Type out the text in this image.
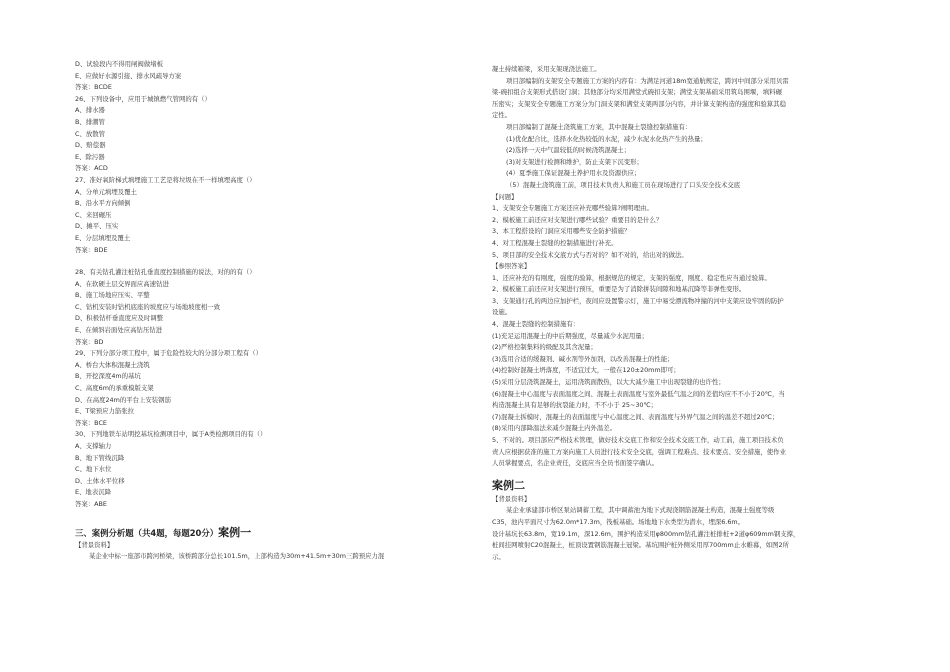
D、试验段内不得用闸阀做堵板
E、应做好水源引接、排水风疏导方案
答案：BCDE
26、下列设备中，应用于城镇燃气管网的有（）
A、排水器
B、排潮管
C、放散管
D、赔偿器
E、除污器
答案：ACD
27、准好氧阶梯式填埋施工工艺是将垃圾在不一样填埋高度（）
A、分单元填埋及覆土
B、沿水平方向倾倒
C、来回碾压
D、摊平、压实
E、分层填埋及覆土
答案：BDE
28、有关钻孔灌注桩钻孔垂直度控制措施的说法，对的的有（）
A、在软硬土层交界面应高速钻进
B、施工场地应压实、平整
C、钻机安装时钻机底座的坡度应与场地坡度相一致
D、积极钻杆垂直度应及时调整
E、在倾斜岩面处应高钻压钻进
答案：BD
29、下列分部分项工程中，属于危险性较大的分部分项工程有（）
A、桥台大体积混凝土浇筑
B、开挖深度4m的基坑
C、高度6m的承重模版支架
D、在高度24m的平台上安装钢筋
E、T梁预应力筋张拉
答案：BCE
30、下列地铁车站明挖基坑检测项目中，属于A类检测项目的有（）
A、支撑轴力
B、地下管线沉降
C、地下水位
D、土体水平位移
E、地表沉降
答案：ABE
三、案例分析题（共4题，每题20分）案例一
【背景资料】
某企业中标一座部市跨河桥梁，该桥跨部分总长101.5m，上部构造为30m+41.5m+30m三跨预应力混
凝土持续箱梁，采用支架现浇法施工。
项目部编制的支架安全专题施工方案的内容有：为满足河道18m宽通航规定，跨河中间部分采用贝雷
梁-碗扣组合支架形式搭设门洞；其他部分均采用满堂式碗扣支架；满堂支架基础采用筑岛围堰，填料碾
压密实；支架安全专题施工方案分为门洞支架和满堂支架两部分内容，并计算支架构造的强度和验算其稳
定性。
项目部编制了混凝土浇筑施工方案，其中混凝土裂缝控制措施有：
(1)优化配合比，选择水化热较低的水泥，减少水泥水化热产生的热量；
(2)选择一天中气温较低的时候浇筑混凝土；
(3)对支架进行检测和维护，防止支架下沉变形；
(4）夏季施工保证混凝土养护用水及资源供应；
（5）混凝土浇筑施工前，项目技术负责人和施工员在现场进行了口头安全技术交底
【问题】
1、支架安全专题施工方案还应补充哪些验算?阐明理由。
2、模板施工前还应对支架进行哪些试验？重要目的是什么？
3、本工程搭设的门洞应采用哪些安全防护措施？
4、对工程混凝土裂缝的控制措施进行补充。
5、项目部的安全技术交底方式与否对的？如不对的，给出对的做法。
【参照答案】
1、还应补充的有刚度，强度的验算，根据规范的规定，支架的强度，刚度、稳定性应当通过验算。
2、模板施工前还应对支架进行预压，重要是为了消除拼装间隙和地基沉降等非弹性变形。
3、支架通行孔的两边应加护栏，夜间应设置警示灯，施工中易受漂流物冲撞的河中支架应设牢固的防护
设施。
4、混凝土裂缝的控制措施有：
(1)充足运用混凝土的中后期强度，尽量减少水泥用量；
(2)严格控制集料的级配及其含泥量；
(3)选用合适的缓凝剂、碱水剂等外加剂，以改善混凝土的性能；
(4)控制好混凝土坍落度，不适宜过大，一般在120±20mm即可；
(5)采用分层浇筑混凝土，运用浇筑面散热，以大大减少施工中出现裂缝的也许性；
(6)混凝土中心温度与表面温度之间、混凝土表面温度与室外最低气温之间的差值均应不不小于20℃，当
构造混凝土具有足够的抗裂能力时，不不小于 25~30℃；
(7)混凝土拆模时，混凝土的表面温度与中心温度之间、表面温度与外界气温之间的温差不超过20℃；
(8)采用内部降温法来减少混凝土内外温差。
5、不对的。项目部应严格技术管理，做好技术交底工作和安全技术交底工作，动工前，施工项目技术负
责人应根据获准的施工方案向施工人员进行技术安全交底，强调工程难点、技术要点、安全措施，使作业
人员掌握要点，名企业责任，交底应当全员书面签字确认。
案例二
【背景资料】
某企业承建部市桥区泵站调蓄工程，其中调蓄池为地下式现浇钢筋混凝土构造，混凝土强度等级
C35，池内平面尺寸为62.0m*17.3m，筏板基础。场地地下水类型为潜水，埋深6.6m。
设计基坑长63.8m，宽19.1m，深12.6m，围护构造采用φ800mm钻孔灌注桩排桩+2道φ609mm钢支撑，
桩间挂网喷射C20混凝土，桩顶设置钢筋混凝土冠梁。基坑围护桩外侧采用厚700mm止水帷幕，如图2所
示。
